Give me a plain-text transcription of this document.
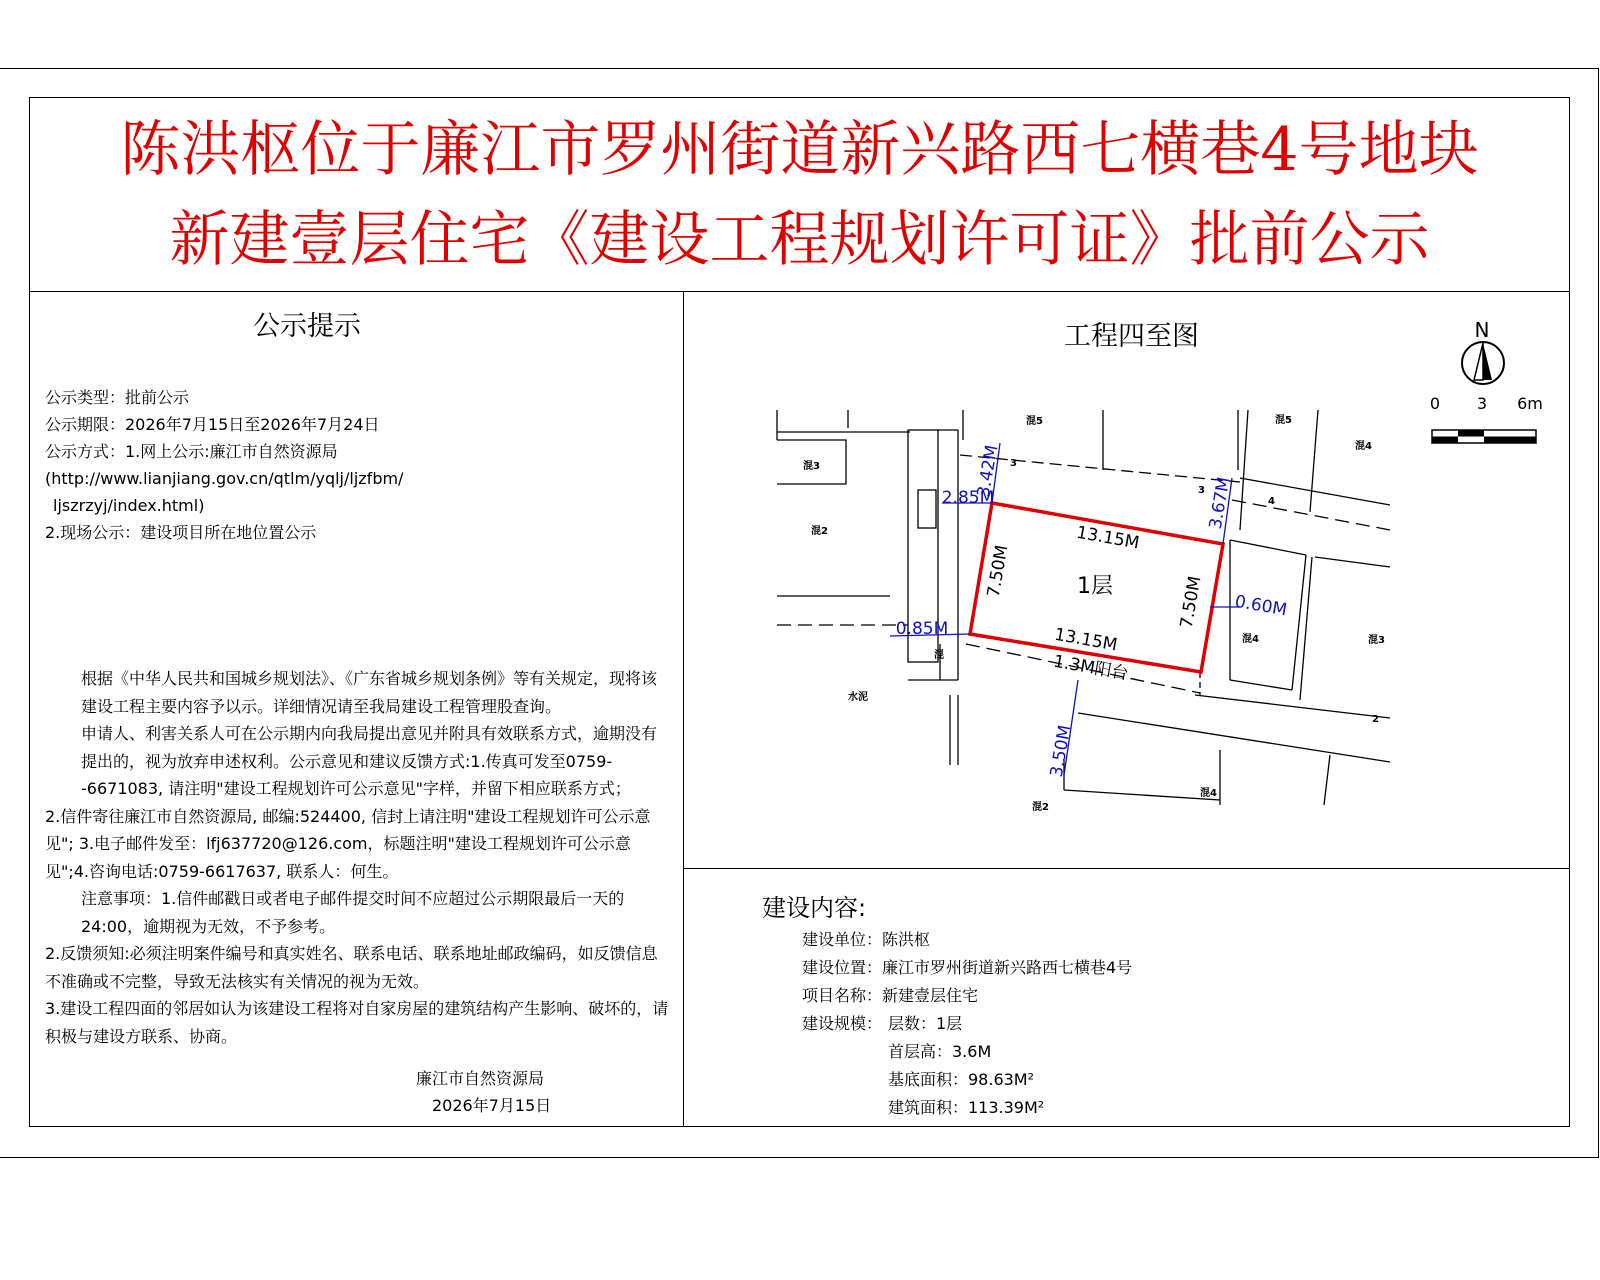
陈洪枢位于廉江市罗州街道新兴路西七横巷4号地块
新建壹层住宅《建设工程规划许可证》批前公示
公示提示
公示类型：批前公示
公示期限：2026年7月15日至2026年7月24日
公示方式：1.网上公示:廉江市自然资源局
(http://www.lianjiang.gov.cn/qtlm/yqlj/ljzfbm/
ljszrzyj/index.html)
2.现场公示：建设项目所在地位置公示

根据《中华人民共和国城乡规划法》、《广东省城乡规划条例》等有关规定，现将该建设工程主要内容予以示。详细情况请至我局建设工程管理股查询。

申请人、利害关系人可在公示期内向我局提出意见并附具有效联系方式，逾期没有提出的，视为放弃申述权利。公示意见和建议反馈方式:1.传真可发至0759--6671083, 请注明"建设工程规划许可公示意见"字样，并留下相应联系方式；

2.信件寄往廉江市自然资源局, 邮编:524400, 信封上请注明"建设工程规划许可公示意见"; 3.电子邮件发至：lfj637720@126.com，标题注明"建设工程规划许可公示意见";4.咨询电话:0759-6617637, 联系人：何生。

注意事项：1.信件邮戳日或者电子邮件提交时间不应超过公示期限最后一天的24:00，逾期视为无效，不予参考。

2.反馈须知:必须注明案件编号和真实姓名、联系电话、联系地址邮政编码，如反馈信息不准确或不完整，导致无法核实有关情况的视为无效。

3.建设工程四面的邻居如认为该建设工程将对自家房屋的建筑结构产生影响、破坏的，请积极与建设方联系、协商。

廉江市自然资源局
2026年7月15日
工程四至图	N
0 3 6m
混5	混5
混4
混3
混2
3
3
4
混4	混3
混
水泥
2
混4
混2
1层
13.15M
13.15M
7.50M
7.50M
1.3M阳台
2.85M
0.85M
3.42M
3.67M
0.60M
3.50M
建设内容:
建设单位：陈洪枢
建设位置：廉江市罗州街道新兴路西七横巷4号
项目名称：新建壹层住宅
建设规模： 层数：1层
首层高：3.6M
基底面积：98.63M²
建筑面积：113.39M²
